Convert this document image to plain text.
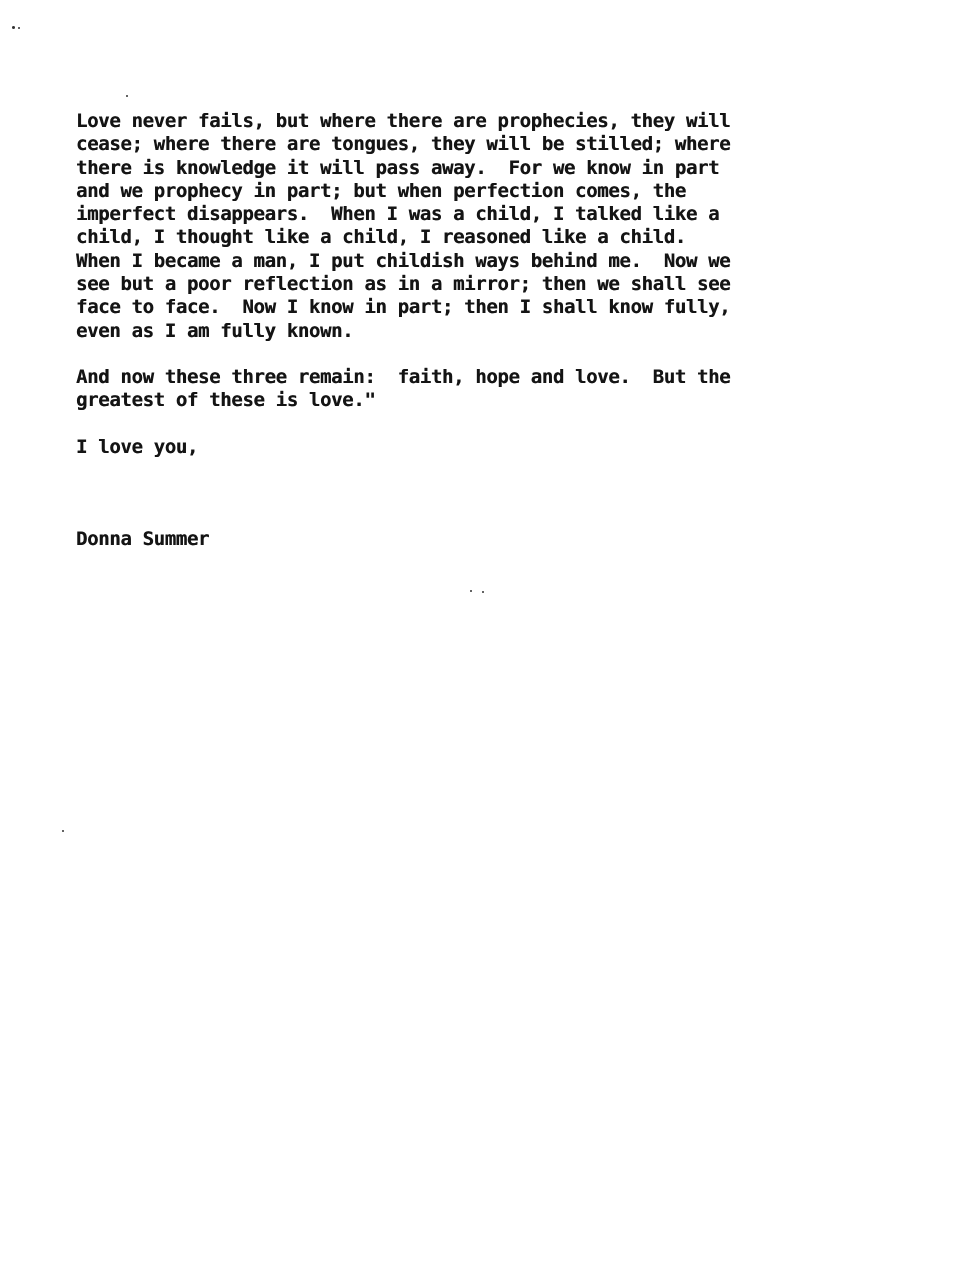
​

Love never fails, but where there are prophecies, they will
cease; where there are tongues, they will be stilled; where
there is knowledge it will pass away.  For we know in part
and we prophecy in part; but when perfection comes, the
imperfect disappears.  When I was a child, I talked like a
child, I thought like a child, I reasoned like a child.
When I became a man, I put childish ways behind me.  Now we
see but a poor reflection as in a mirror; then we shall see
face to face.  Now I know in part; then I shall know fully,
even as I am fully known.
And now these three remain:  faith, hope and love.  But the
greatest of these is love."
I love you,
Donna Summer
